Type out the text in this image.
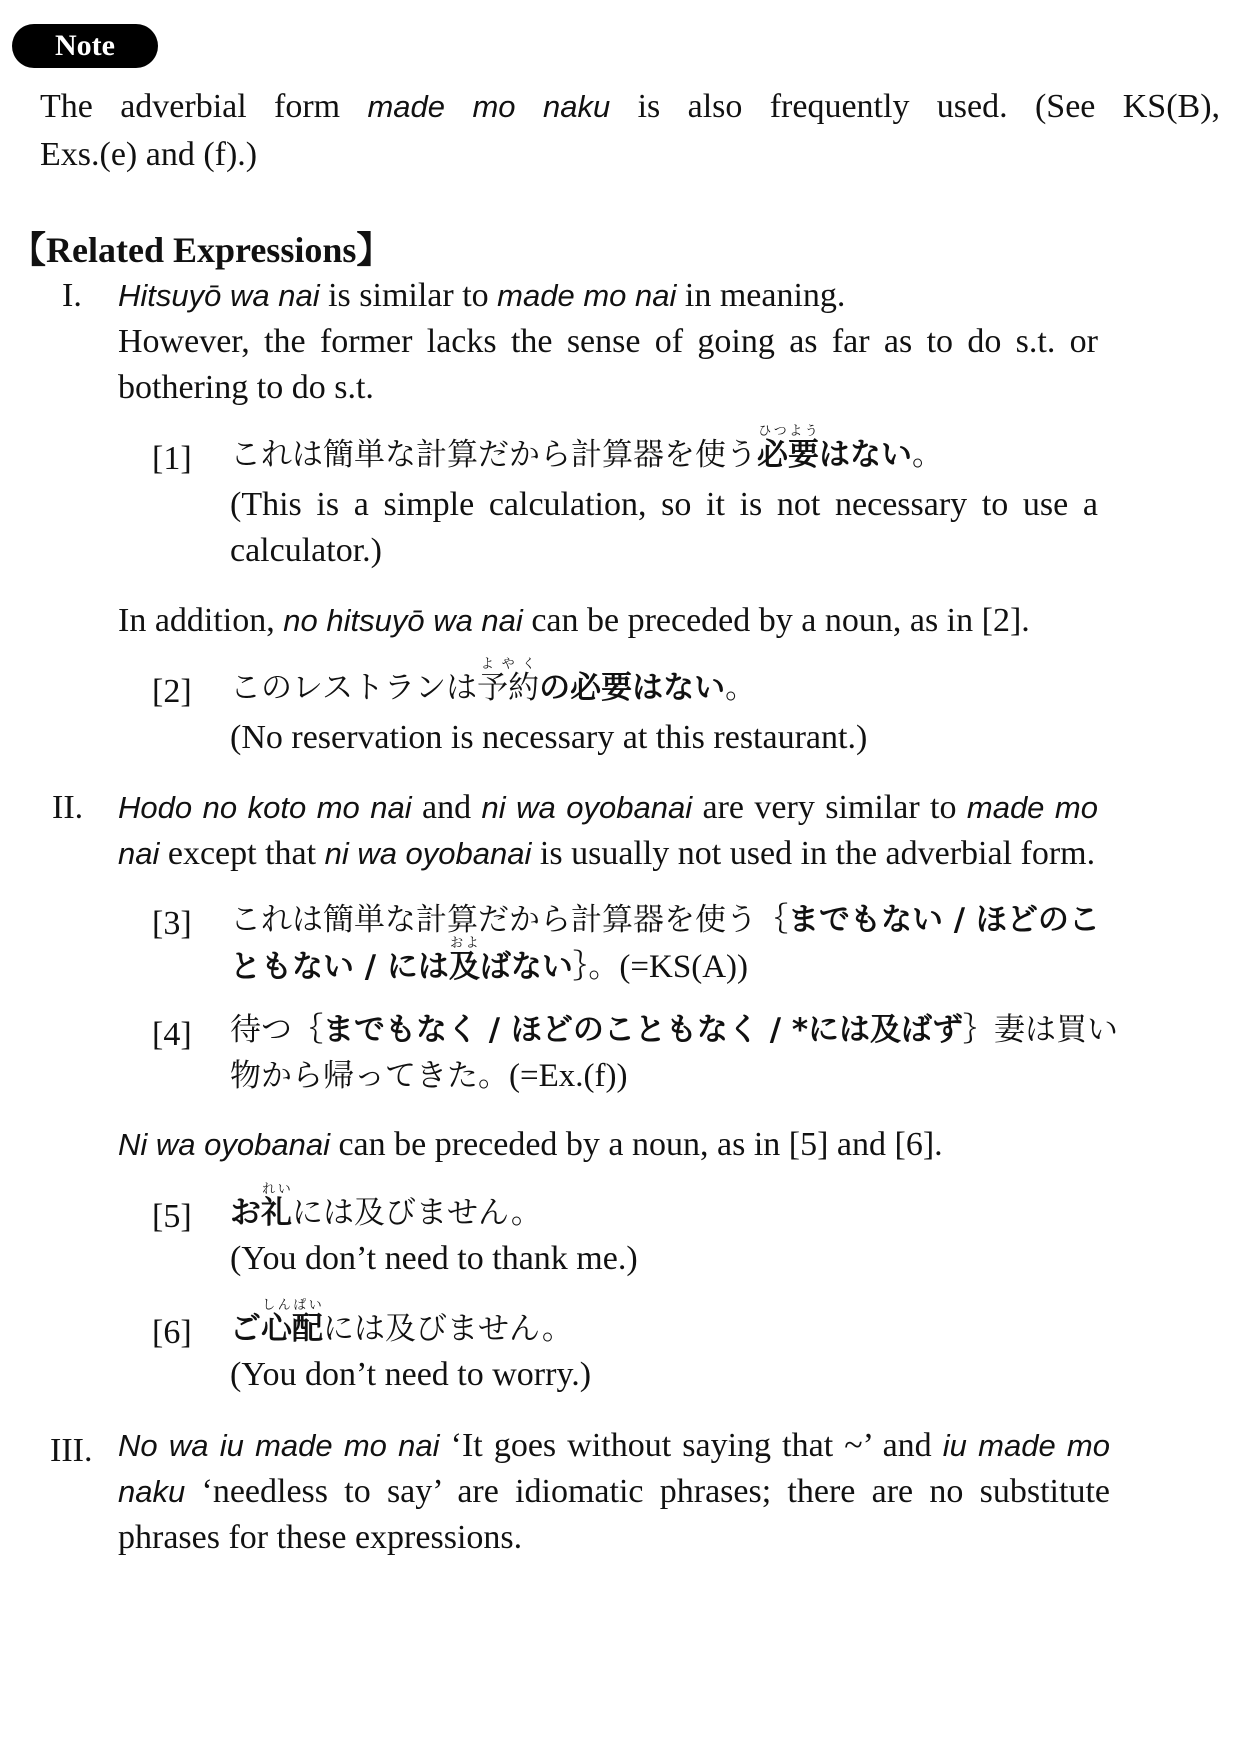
Note
The adverbial form made mo naku is also frequently used. (See KS(B),
Exs.(e) and (f).)
【Related Expressions】
I. Hitsuyō wa nai is similar to made mo nai in meaning.
However, the former lacks the sense of going as far as to do s.t. or
bothering to do s.t.
[1] これは簡単な計算だから計算器を使う必要ひつようはない。
(This is a simple calculation, so it is not necessary to use a
calculator.)
In addition, no hitsuyō wa nai can be preceded by a noun, as in [2].
[2] このレストランは予約よやくの必要はない。
(No reservation is necessary at this restaurant.)
II. Hodo no koto mo nai and ni wa oyobanai are very similar to made mo
nai except that ni wa oyobanai is usually not used in the adverbial form.
[3] これは簡単な計算だから計算器を使う｛までもない / ほどのこ
ともない / には及およばない｝。(=KS(A))
[4] 待つ｛までもなく / ほどのこともなく / *には及ばず｝妻は買い
物から帰ってきた。(=Ex.(f))
Ni wa oyobanai can be preceded by a noun, as in [5] and [6].
[5] お礼れいには及びません。
(You don’t need to thank me.)
[6] ご心配しんぱいには及びません。
(You don’t need to worry.)
III. No wa iu made mo nai ‘It goes without saying that ~’ and iu made mo
naku ‘needless to say’ are idiomatic phrases; there are no substitute
phrases for these expressions.
